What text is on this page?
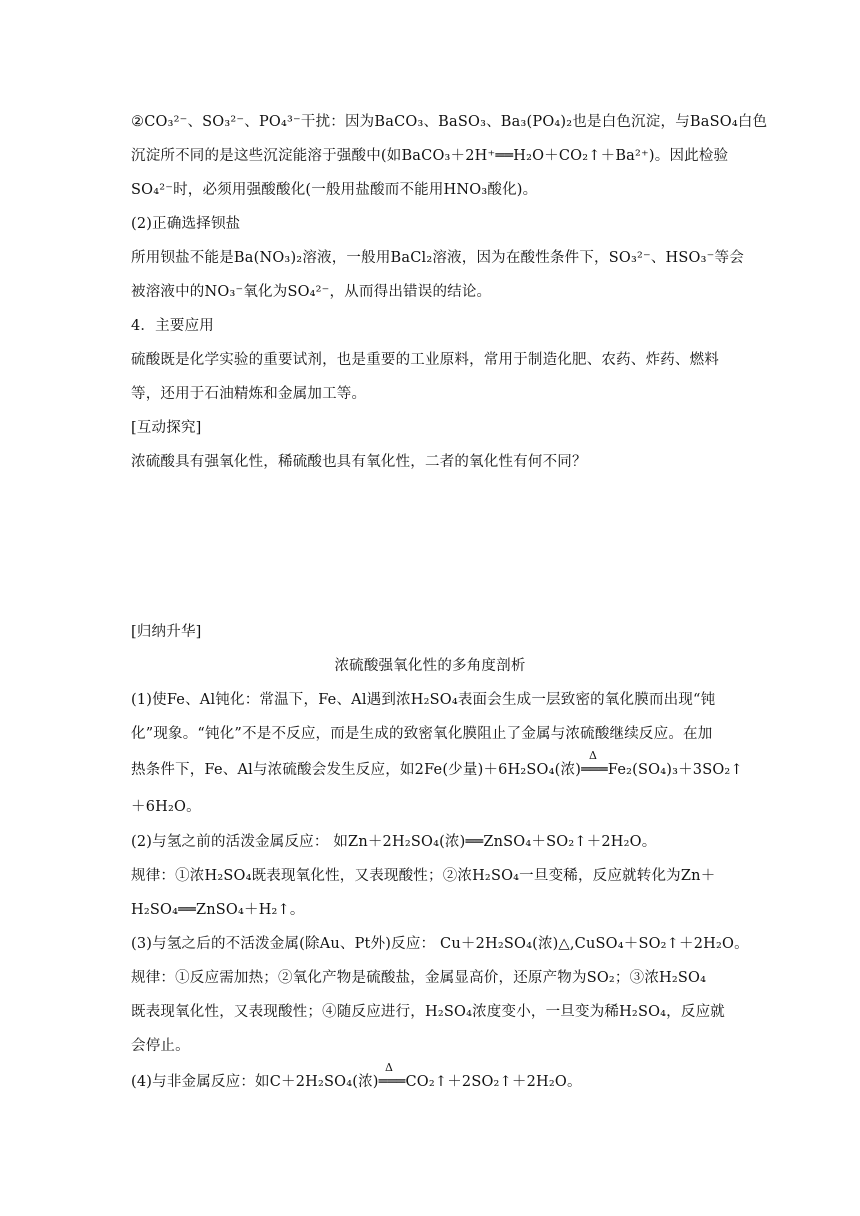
②CO₃²⁻、SO₃²⁻、PO₄³⁻干扰：因为BaCO₃、BaSO₃、Ba₃(PO₄)₂也是白色沉淀，与BaSO₄白色
沉淀所不同的是这些沉淀能溶于强酸中(如BaCO₃＋2H⁺══H₂O＋CO₂↑＋Ba²⁺)。因此检验
SO₄²⁻时，必须用强酸酸化(一般用盐酸而不能用HNO₃酸化)。
(2)正确选择钡盐
所用钡盐不能是Ba(NO₃)₂溶液，一般用BaCl₂溶液，因为在酸性条件下，SO₃²⁻、HSO₃⁻等会
被溶液中的NO₃⁻氧化为SO₄²⁻，从而得出错误的结论。
4．主要应用
硫酸既是化学实验的重要试剂，也是重要的工业原料，常用于制造化肥、农药、炸药、燃料
等，还用于石油精炼和金属加工等。
[互动探究]
浓硫酸具有强氧化性，稀硫酸也具有氧化性，二者的氧化性有何不同？
[归纳升华]
浓硫酸强氧化性的多角度剖析
(1)使Fe、Al钝化：常温下，Fe、Al遇到浓H₂SO₄表面会生成一层致密的氧化膜而出现“钝
化”现象。“钝化”不是不反应，而是生成的致密氧化膜阻止了金属与浓硫酸继续反应。在加
Δ
热条件下，Fe、Al与浓硫酸会发生反应，如2Fe(少量)＋6H₂SO₄(浓)═══Fe₂(SO₄)₃＋3SO₂↑
＋6H₂O。
(2)与氢之前的活泼金属反应： 如Zn＋2H₂SO₄(浓)══ZnSO₄＋SO₂↑＋2H₂O。
规律：①浓H₂SO₄既表现氧化性，又表现酸性；②浓H₂SO₄一旦变稀，反应就转化为Zn＋
H₂SO₄══ZnSO₄＋H₂↑。
(3)与氢之后的不活泼金属(除Au、Pt外)反应： Cu＋2H₂SO₄(浓)△,CuSO₄＋SO₂↑＋2H₂O。
规律：①反应需加热；②氧化产物是硫酸盐，金属显高价，还原产物为SO₂；③浓H₂SO₄
既表现氧化性，又表现酸性；④随反应进行，H₂SO₄浓度变小，一旦变为稀H₂SO₄，反应就
会停止。
Δ
(4)与非金属反应：如C＋2H₂SO₄(浓)═══CO₂↑＋2SO₂↑＋2H₂O。
